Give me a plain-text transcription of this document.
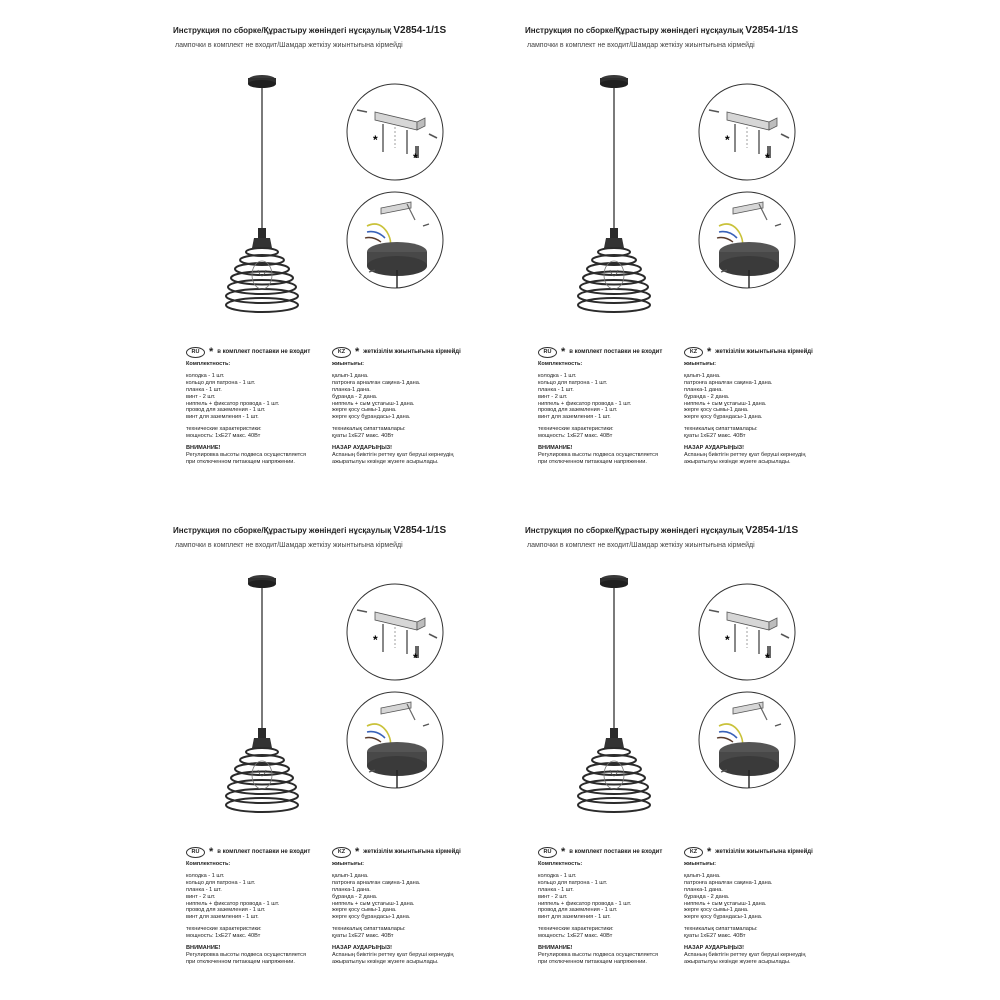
Инструкция по сборке/Құрастыру жөніндегі нұсқаулық V2854-1/1S
лампочки в комплект не входит/Шамдар жеткізу жиынтығына кірмейді
*
*
RU * в комплект поставки не входит
Комплектность:
колодка - 1 шт.
кольцо для патрона - 1 шт.
планка - 1 шт.
винт - 2 шт.
ниппель + фиксатор провода - 1 шт.
провод для заземления - 1 шт.
винт для заземления - 1 шт.
технические характеристики:
мощность: 1хE27 макс. 40Вт
ВНИМАНИЕ!
Регулировка высоты подвеса осуществляется
при отключенном питающем напряжении.
KZ * жеткізілім жиынтығына кірмейді
жиынтығы:
қалып-1 дана.
патронға арналған сақина-1 дана.
планка-1 дана.
бұранда - 2 дана.
ниппель + сым ұстағыш-1 дана.
жерге қосу сымы-1 дана.
жерге қосу бұрандасы-1 дана.
техникалық сипаттамалары:
қуаты 1хE27 макс. 40Вт
НАЗАР АУДАРЫҢЫЗ!
Аспаның биіктігін реттеу қуат беруші кернеудің
ажыратылуы кезінде жүзеге асырылады.
Инструкция по сборке/Құрастыру жөніндегі нұсқаулық V2854-1/1S
лампочки в комплект не входит/Шамдар жеткізу жиынтығына кірмейді
*
*
RU * в комплект поставки не входит
Комплектность:
колодка - 1 шт.
кольцо для патрона - 1 шт.
планка - 1 шт.
винт - 2 шт.
ниппель + фиксатор провода - 1 шт.
провод для заземления - 1 шт.
винт для заземления - 1 шт.
технические характеристики:
мощность: 1хE27 макс. 40Вт
ВНИМАНИЕ!
Регулировка высоты подвеса осуществляется
при отключенном питающем напряжении.
KZ * жеткізілім жиынтығына кірмейді
жиынтығы:
қалып-1 дана.
патронға арналған сақина-1 дана.
планка-1 дана.
бұранда - 2 дана.
ниппель + сым ұстағыш-1 дана.
жерге қосу сымы-1 дана.
жерге қосу бұрандасы-1 дана.
техникалық сипаттамалары:
қуаты 1хE27 макс. 40Вт
НАЗАР АУДАРЫҢЫЗ!
Аспаның биіктігін реттеу қуат беруші кернеудің
ажыратылуы кезінде жүзеге асырылады.
Инструкция по сборке/Құрастыру жөніндегі нұсқаулық V2854-1/1S
лампочки в комплект не входит/Шамдар жеткізу жиынтығына кірмейді
*
*
RU * в комплект поставки не входит
Комплектность:
колодка - 1 шт.
кольцо для патрона - 1 шт.
планка - 1 шт.
винт - 2 шт.
ниппель + фиксатор провода - 1 шт.
провод для заземления - 1 шт.
винт для заземления - 1 шт.
технические характеристики:
мощность: 1хE27 макс. 40Вт
ВНИМАНИЕ!
Регулировка высоты подвеса осуществляется
при отключенном питающем напряжении.
KZ * жеткізілім жиынтығына кірмейді
жиынтығы:
қалып-1 дана.
патронға арналған сақина-1 дана.
планка-1 дана.
бұранда - 2 дана.
ниппель + сым ұстағыш-1 дана.
жерге қосу сымы-1 дана.
жерге қосу бұрандасы-1 дана.
техникалық сипаттамалары:
қуаты 1хE27 макс. 40Вт
НАЗАР АУДАРЫҢЫЗ!
Аспаның биіктігін реттеу қуат беруші кернеудің
ажыратылуы кезінде жүзеге асырылады.
Инструкция по сборке/Құрастыру жөніндегі нұсқаулық V2854-1/1S
лампочки в комплект не входит/Шамдар жеткізу жиынтығына кірмейді
*
*
RU * в комплект поставки не входит
Комплектность:
колодка - 1 шт.
кольцо для патрона - 1 шт.
планка - 1 шт.
винт - 2 шт.
ниппель + фиксатор провода - 1 шт.
провод для заземления - 1 шт.
винт для заземления - 1 шт.
технические характеристики:
мощность: 1хE27 макс. 40Вт
ВНИМАНИЕ!
Регулировка высоты подвеса осуществляется
при отключенном питающем напряжении.
KZ * жеткізілім жиынтығына кірмейді
жиынтығы:
қалып-1 дана.
патронға арналған сақина-1 дана.
планка-1 дана.
бұранда - 2 дана.
ниппель + сым ұстағыш-1 дана.
жерге қосу сымы-1 дана.
жерге қосу бұрандасы-1 дана.
техникалық сипаттамалары:
қуаты 1хE27 макс. 40Вт
НАЗАР АУДАРЫҢЫЗ!
Аспаның биіктігін реттеу қуат беруші кернеудің
ажыратылуы кезінде жүзеге асырылады.
